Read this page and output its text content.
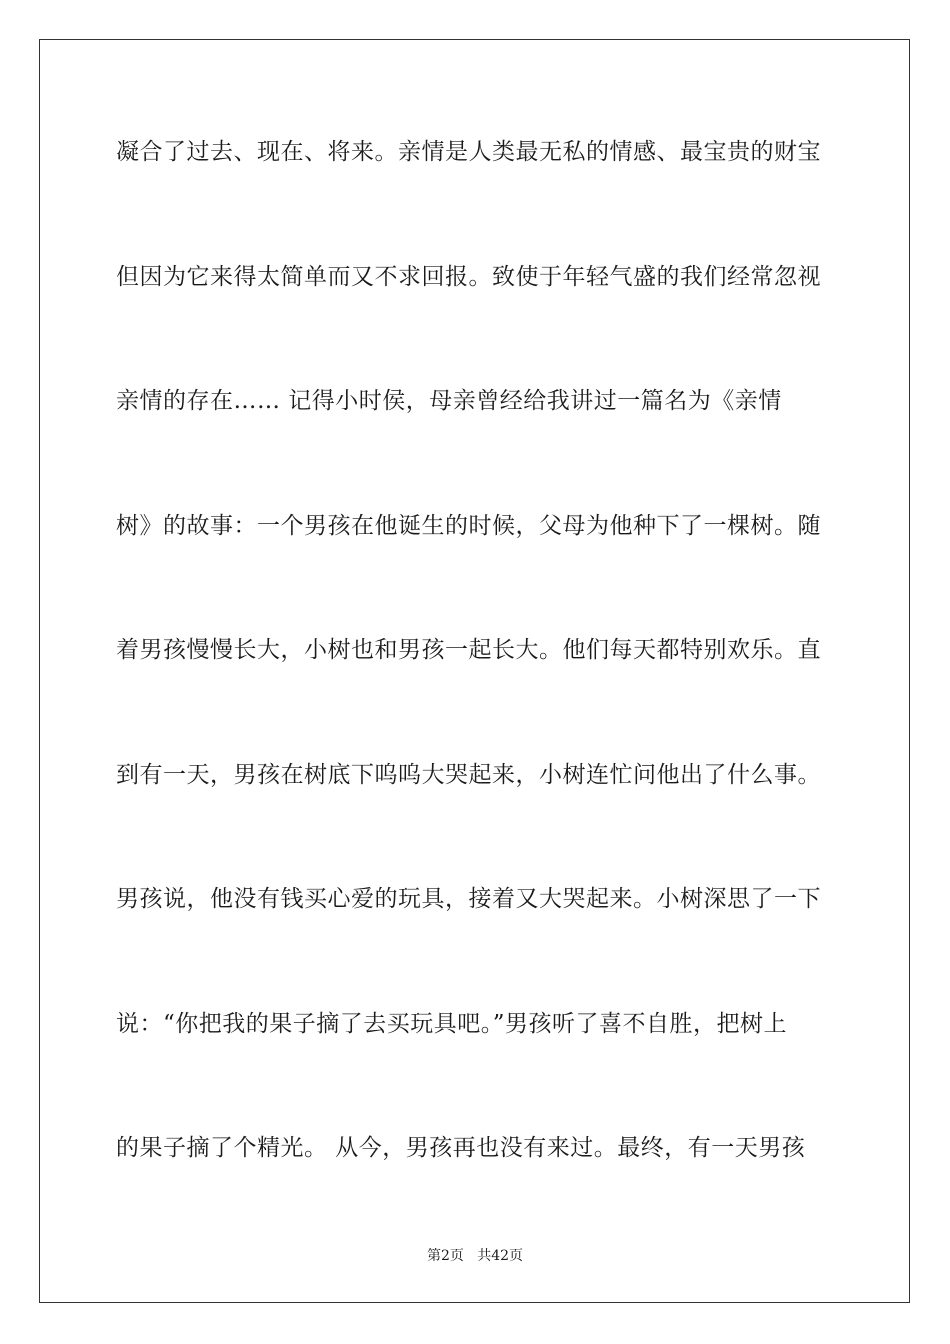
凝合了过去、现在、将来。亲情是人类最无私的情感、最宝贵的财宝
但因为它来得太简单而又不求回报。致使于年轻气盛的我们经常忽视
亲情的存在…… 记得小时侯，母亲曾经给我讲过一篇名为《亲情
树》的故事：一个男孩在他诞生的时候，父母为他种下了一棵树。随
着男孩慢慢长大，小树也和男孩一起长大。他们每天都特别欢乐。直
到有一天，男孩在树底下呜呜大哭起来，小树连忙问他出了什么事。
男孩说，他没有钱买心爱的玩具，接着又大哭起来。小树深思了一下
说：“你把我的果子摘了去买玩具吧。”男孩听了喜不自胜，把树上
的果子摘了个精光。 从今，男孩再也没有来过。最终，有一天男孩
第2页   共42页
